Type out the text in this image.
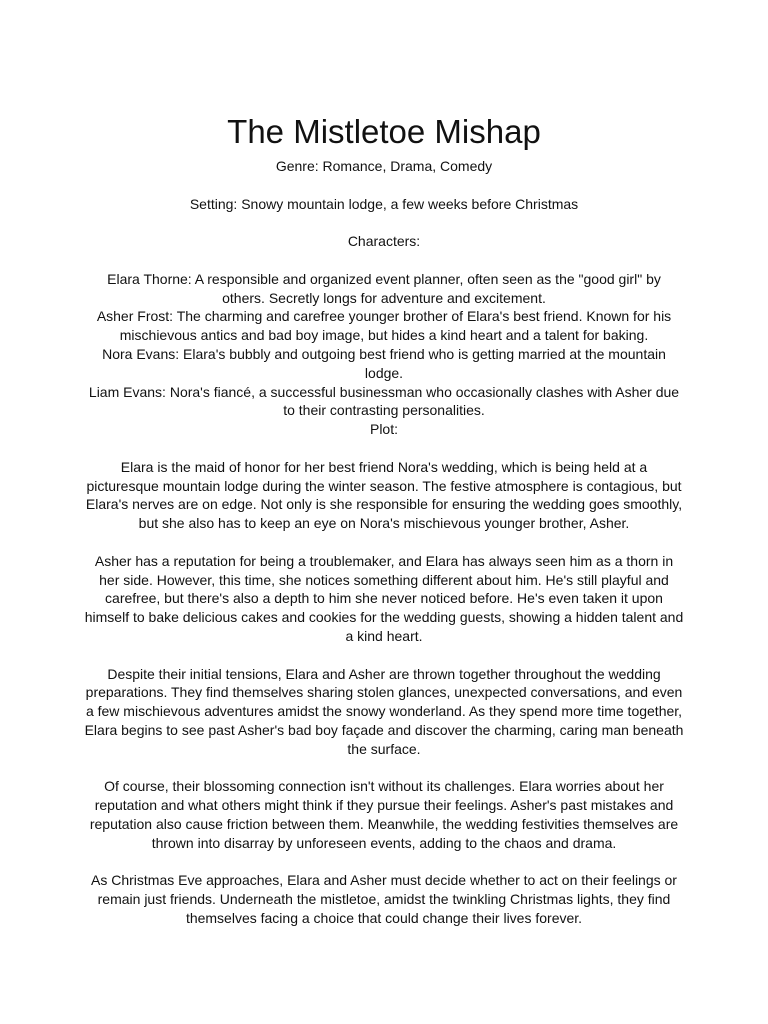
The Mistletoe Mishap

Genre: Romance, Drama, Comedy

Setting: Snowy mountain lodge, a few weeks before Christmas

Characters:

Elara Thorne: A responsible and organized event planner, often seen as the "good girl" by others. Secretly longs for adventure and excitement.

Asher Frost: The charming and carefree younger brother of Elara's best friend. Known for his mischievous antics and bad boy image, but hides a kind heart and a talent for baking.

Nora Evans: Elara's bubbly and outgoing best friend who is getting married at the mountain lodge.

Liam Evans: Nora's fiancé, a successful businessman who occasionally clashes with Asher due to their contrasting personalities.

Plot:

Elara is the maid of honor for her best friend Nora's wedding, which is being held at a picturesque mountain lodge during the winter season. The festive atmosphere is contagious, but Elara's nerves are on edge. Not only is she responsible for ensuring the wedding goes smoothly, but she also has to keep an eye on Nora's mischievous younger brother, Asher.

Asher has a reputation for being a troublemaker, and Elara has always seen him as a thorn in her side. However, this time, she notices something different about him. He's still playful and carefree, but there's also a depth to him she never noticed before. He's even taken it upon himself to bake delicious cakes and cookies for the wedding guests, showing a hidden talent and a kind heart.

Despite their initial tensions, Elara and Asher are thrown together throughout the wedding preparations. They find themselves sharing stolen glances, unexpected conversations, and even a few mischievous adventures amidst the snowy wonderland. As they spend more time together, Elara begins to see past Asher's bad boy façade and discover the charming, caring man beneath the surface.

Of course, their blossoming connection isn't without its challenges. Elara worries about her reputation and what others might think if they pursue their feelings. Asher's past mistakes and reputation also cause friction between them. Meanwhile, the wedding festivities themselves are thrown into disarray by unforeseen events, adding to the chaos and drama.

As Christmas Eve approaches, Elara and Asher must decide whether to act on their feelings or remain just friends. Underneath the mistletoe, amidst the twinkling Christmas lights, they find themselves facing a choice that could change their lives forever.
